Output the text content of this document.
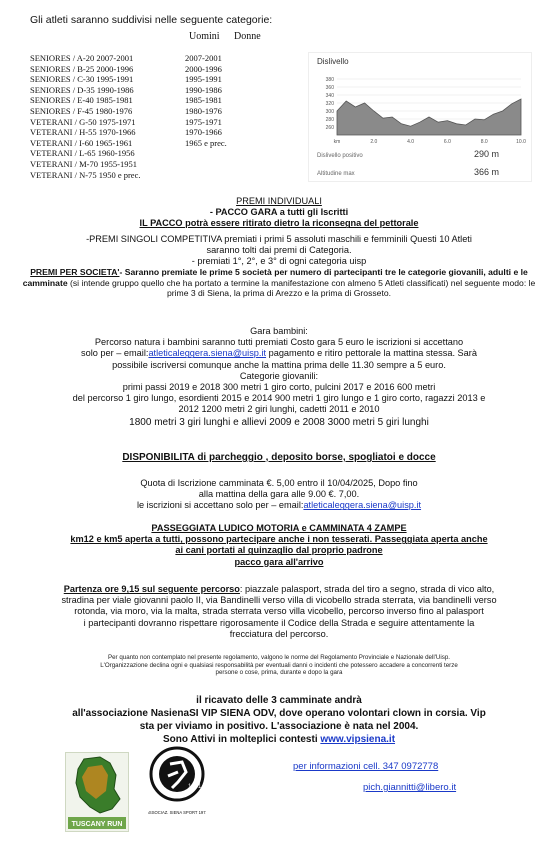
Gli atleti saranno suddivisi nelle seguente categorie:
Uomini Donne
SENIORES / A-20 2007-2001	2007-2001
SENIORES / B-25 2000-1996	2000-1996
SENIORES / C-30 1995-1991	1995-1991
SENIORES / D-35 1990-1986	1990-1986
SENIORES / E-40 1985-1981	1985-1981
SENIORES / F-45 1980-1976	1980-1976
VETERANI / G-50 1975-1971	1975-1971
VETERANI / H-55 1970-1966	1970-1966
VETERANI / I-60 1965-1961	1965 e prec.
VETERANI / L-65 1960-1956
VETERANI / M-70 1955-1951
VETERANI / N-75 1950 e prec.
Dislivello
380
360
340
320
300
280
260
km	2.0	4.0	6.0	8.0	10.0
Dislivello positivo	290 m
Altitudine max	366 m
PREMI INDIVIDUALI
- PACCO GARA a tutti gli Iscritti
IL PACCO potrà essere ritirato dietro la riconsegna del pettorale
-PREMI SINGOLI COMPETITIVA premiati i primi 5 assoluti maschili e femminili Questi 10 Atleti
saranno tolti dai premi di Categoria.
- premiati 1°, 2°, e 3° di ogni categoria uisp
PREMI PER SOCIETA'- Saranno premiate le prime 5 società per numero di partecipanti tre le categorie giovanili, adulti e le camminate (si intende gruppo quello che ha portato a termine la manifestazione con almeno 5 Atleti classificati) nel seguente modo: le prime 3 di Siena, la prima di Arezzo e la prima di Grosseto.
Gara bambini:
Percorso natura i bambini saranno tutti premiati Costo gara 5 euro le iscrizioni si accettano
solo per – email:atleticaleggera.siena@uisp.it pagamento e ritiro pettorale la mattina stessa. Sarà
possibile iscriversi comunque anche la mattina prima delle 11.30 sempre a 5 euro.
Categorie giovanili:
primi passi 2019 e 2018 300 metri 1 giro corto, pulcini 2017 e 2016 600 metri
del percorso 1 giro lungo, esordienti 2015 e 2014 900 metri 1 giro lungo e 1 giro corto, ragazzi 2013 e
2012 1200 metri 2 giri lunghi, cadetti 2011 e 2010
1800 metri 3 giri lunghi e allievi 2009 e 2008 3000 metri 5 giri lunghi
DISPONIBILITA di parcheggio , deposito borse, spogliatoi e docce
Quota di Iscrizione camminata €. 5,00 entro il 10/04/2025, Dopo fino
alla mattina della gara alle 9.00 €. 7,00.
le iscrizioni si accettano solo per – email:atleticaleggera.siena@uisp.it
PASSEGGIATA LUDICO MOTORIA e CAMMINATA 4 ZAMPE
km12 e km5 aperta a tutti, possono partecipare anche i non tesserati. Passeggiata aperta anche
ai cani portati al guinzaglio dal proprio padrone
pacco gara all'arrivo
Partenza ore 9,15 sul seguente percorso: piazzale palasport, strada del tiro a segno, strada di vico alto,
stradina per viale giovanni paolo II, via Bandinelli verso villa di vicobello strada sterrata, via bandinelli verso
rotonda, via moro, via la malta, strada sterrata verso villa vicobello, percorso inverso fino al palasport
i partecipanti dovranno rispettare rigorosamente il Codice della Strada e seguire attentamente la
frecciatura del percorso.
Per quanto non contemplato nel presente regolamento, valgono le norme del Regolamento Provinciale e Nazionale dell'Uisp.
L'Organizzazione declina ogni e qualsiasi responsabilità per eventuali danni o incidenti che potessero accadere a concorrenti terze
persone o cose, prima, durante e dopo la gara
il ricavato delle 3 camminate andrà
all'associazione NasienaSI VIP SIENA ODV, dove operano volontari clown in corsia. Vip
sta per viviamo in positivo. L'associazione è nata nel 2004.
Sono Attivi in molteplici contesti www.vipsiena.it
TUSCANY RUN
1971
ASSOCIAZ. SIENA SPORT 1971
per informazioni cell. 347 0972778
pich.giannitti@libero.it
